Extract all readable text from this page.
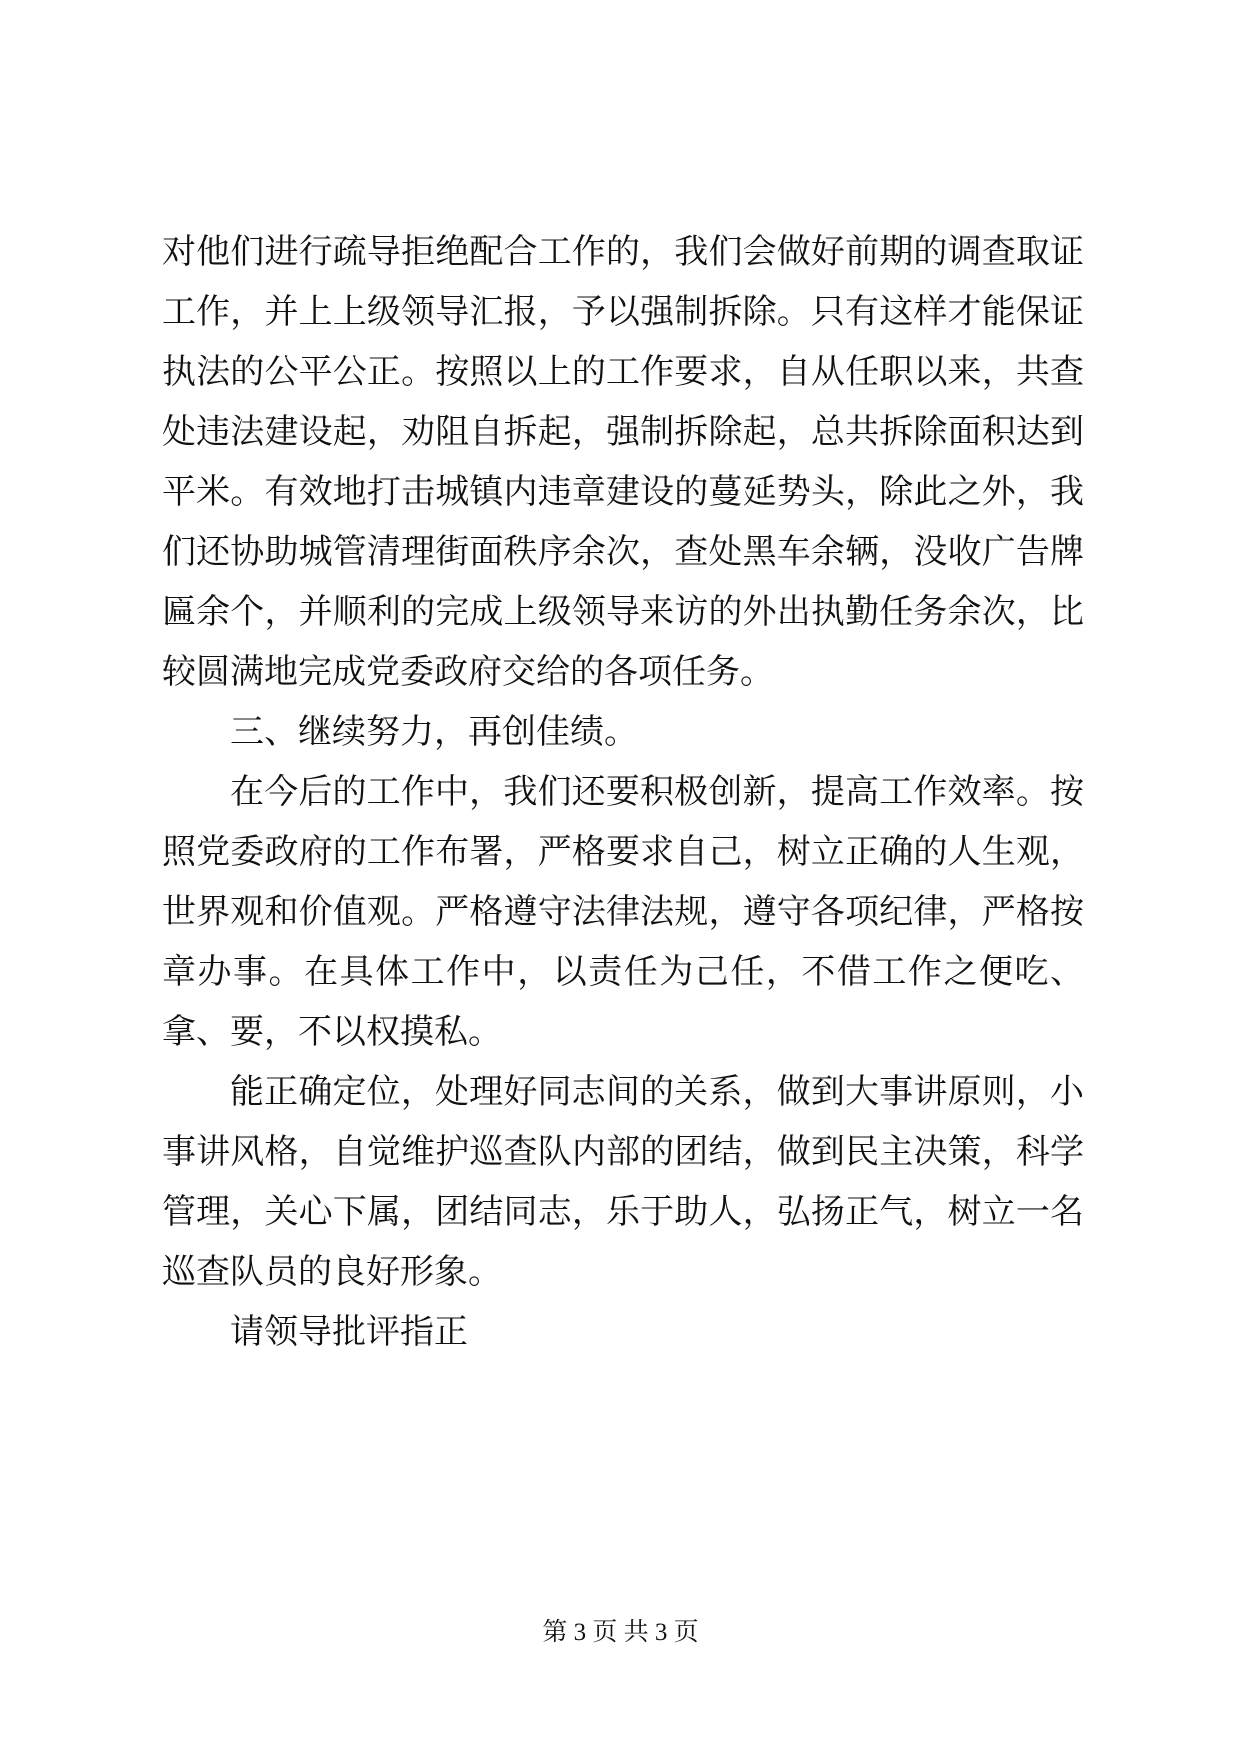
对他们进行疏导拒绝配合工作的，我们会做好前期的调查取证工作，并上上级领导汇报，予以强制拆除。只有这样才能保证执法的公平公正。按照以上的工作要求，自从任职以来，共查处违法建设起，劝阻自拆起，强制拆除起，总共拆除面积达到平米。有效地打击城镇内违章建设的蔓延势头，除此之外，我们还协助城管清理街面秩序余次，查处黑车余辆，没收广告牌匾余个，并顺利的完成上级领导来访的外出执勤任务余次，比较圆满地完成党委政府交给的各项任务。

三、继续努力，再创佳绩。

在今后的工作中，我们还要积极创新，提高工作效率。按照党委政府的工作布署，严格要求自己，树立正确的人生观，世界观和价值观。严格遵守法律法规，遵守各项纪律，严格按章办事。在具体工作中，以责任为己任，不借工作之便吃、拿、要，不以权摸私。

能正确定位，处理好同志间的关系，做到大事讲原则，小事讲风格，自觉维护巡查队内部的团结，做到民主决策，科学管理，关心下属，团结同志，乐于助人，弘扬正气，树立一名巡查队员的良好形象。

请领导批评指正

第 3 页 共 3 页
